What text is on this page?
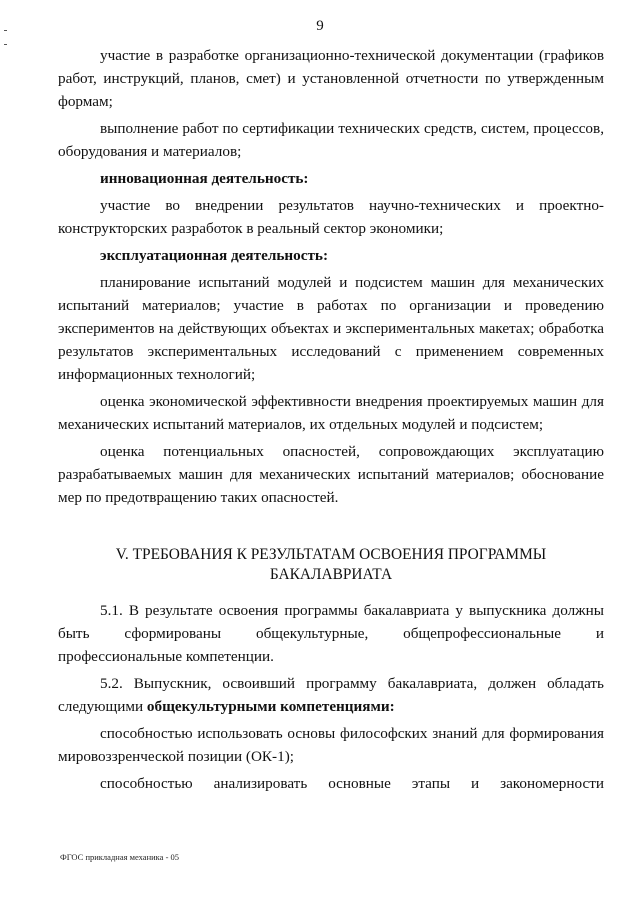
9

участие в разработке организационно-технической документации (графиков работ, инструкций, планов, смет) и установленной отчетности по утвержденным формам;

выполнение работ по сертификации технических средств, систем, процессов, оборудования и материалов;

инновационная деятельность:

участие во внедрении результатов научно-технических и проектно-конструкторских разработок в реальный сектор экономики;

эксплуатационная деятельность:

планирование испытаний модулей и подсистем машин для механических испытаний материалов; участие в работах по организации и проведению экспериментов на действующих объектах и экспериментальных макетах; обработка результатов экспериментальных исследований с применением современных информационных технологий;

оценка экономической эффективности внедрения проектируемых машин для механических испытаний материалов, их отдельных модулей и подсистем;

оценка потенциальных опасностей, сопровождающих эксплуатацию разрабатываемых машин для механических испытаний материалов; обоснование мер по предотвращению таких опасностей.

V. ТРЕБОВАНИЯ К РЕЗУЛЬТАТАМ ОСВОЕНИЯ ПРОГРАММЫ
БАКАЛАВРИАТА

5.1. В результате освоения программы бакалавриата у выпускника должны быть сформированы общекультурные, общепрофессиональные и профессиональные компетенции.

5.2. Выпускник, освоивший программу бакалавриата, должен обладать следующими общекультурными компетенциями:

способностью использовать основы философских знаний для формирования мировоззренческой позиции (ОК-1);

способностью анализировать основные этапы и закономерности

ФГОС прикладная механика - 05
